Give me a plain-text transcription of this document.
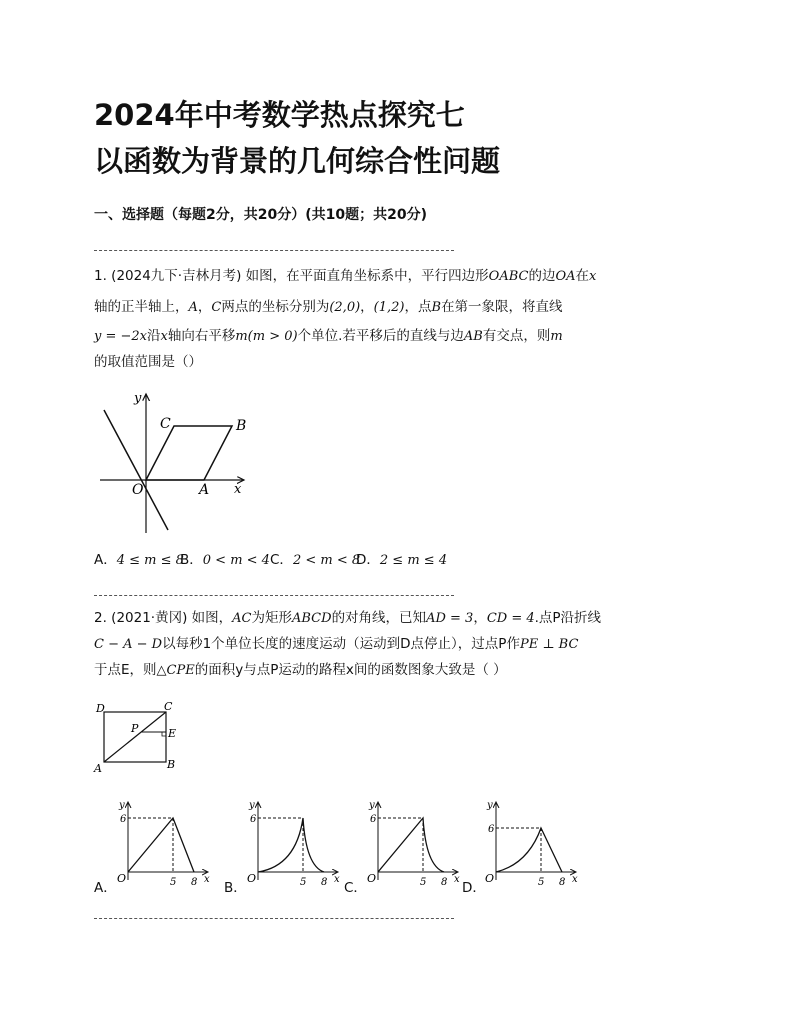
2024年中考数学热点探究七
以函数为背景的几何综合性问题
一、选择题（每题2分，共20分）(共10题；共20分)
1. (2024九下·吉林月考) 如图，在平面直角坐标系中，平行四边形OABC的边OA在x
轴的正半轴上，A，C两点的坐标分别为(2,0)，(1,2)，点B在第一象限，将直线
y = −2x沿x轴向右平移m(m > 0)个单位.若平移后的直线与边AB有交点，则m
的取值范围是（）
y
x
O	A
B
C
A．4 ≤ m ≤ 8
B．0 < m < 4 C．2 < m < 8
D．2 ≤ m ≤ 4
2. (2021·黄冈) 如图，AC为矩形ABCD的对角线，已知AD = 3，CD = 4.点P沿折线
C − A − D以每秒1个单位长度的速度运动（运动到D点停止），过点P作PE ⊥ BC
于点E，则△CPE的面积y与点P运动的路程x间的函数图象大致是（ ）
D	C
P	E
A	B
A．
y
6
O	5 8 x
B．
y
6
O	5 8 x
C．
y
6
O	5 8 x
D．
y
6
O	5 8 x
